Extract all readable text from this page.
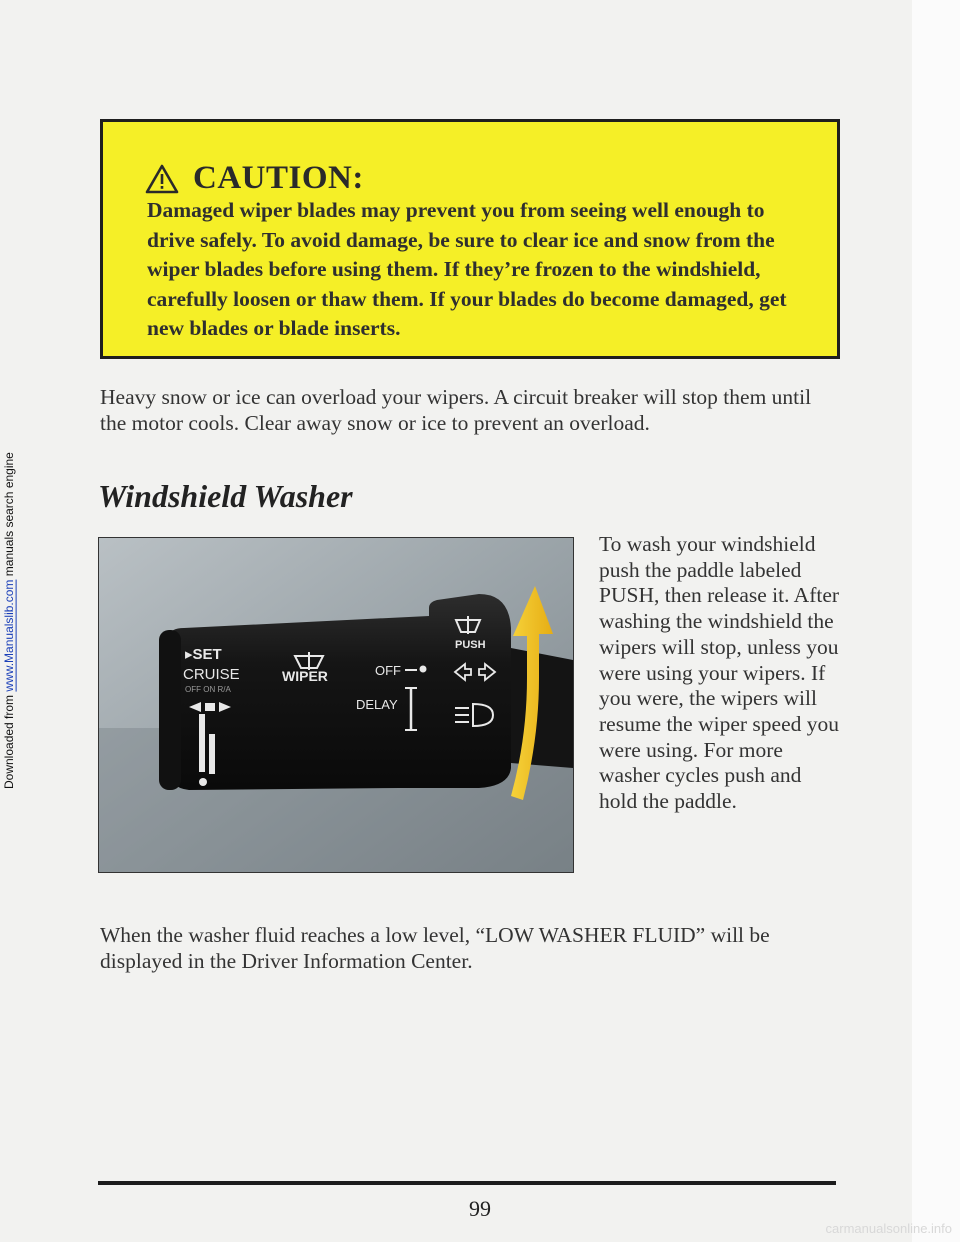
Downloaded from www.Manualslib.com manuals search engine
CAUTION:
Damaged wiper blades may prevent you from seeing well enough to drive safely. To avoid damage, be sure to clear ice and snow from the wiper blades before using them. If they’re frozen to the windshield, carefully loosen or thaw them. If your blades do become damaged, get new blades or blade inserts.
Heavy snow or ice can overload your wipers. A circuit breaker will stop them until the motor cools. Clear away snow or ice to prevent an overload.
Windshield Washer
▸SET
CRUISE
OFF ON R/A
WIPER	OFF
DELAY
PUSH
To wash your windshield push the paddle labeled PUSH, then release it. After washing the windshield the wipers will stop, unless you were using your wipers. If you were, the wipers will resume the wiper speed you were using. For more washer cycles push and hold the paddle.
When the washer fluid reaches a low level, “LOW WASHER FLUID” will be displayed in the Driver Information Center.
99
carmanualsonline.info
